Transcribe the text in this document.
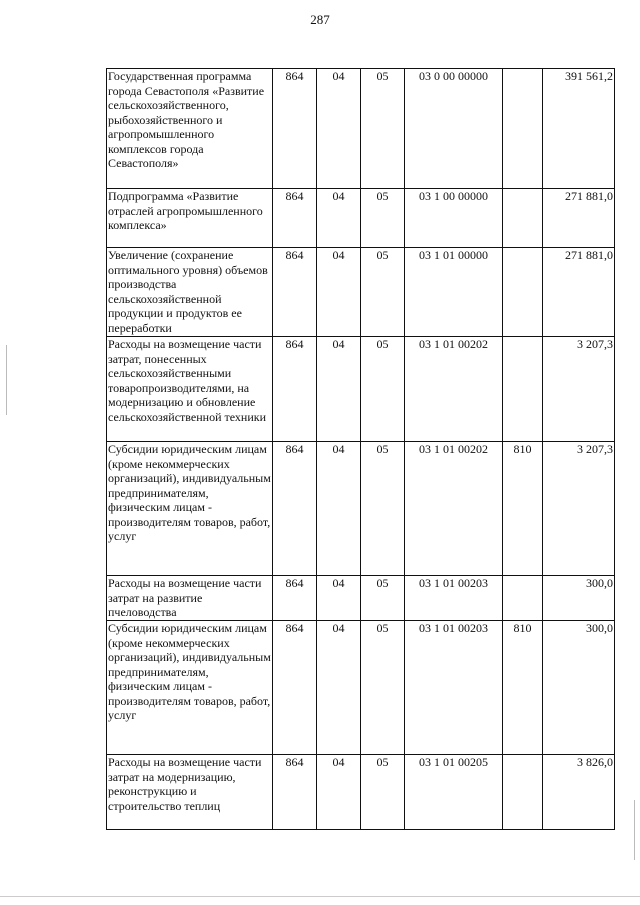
287
Государственная программа города Севастополя «Развитие сельскохозяйственного, рыбохозяйственного и агропромышленного комплексов города Севастополя»	864	04	05	03 0 00 00000		391 561,2
Подпрограмма «Развитие отраслей агропромышленного комплекса»	864	04	05	03 1 00 00000		271 881,0
Увеличение (сохранение оптимального уровня) объемов производства сельскохозяйственной продукции и продуктов ее переработки	864	04	05	03 1 01 00000		271 881,0
Расходы на возмещение части затрат, понесенных сельскохозяйственными товаропроизводителями, на модернизацию и обновление сельскохозяйственной техники	864	04	05	03 1 01 00202		3 207,3
Субсидии юридическим лицам (кроме некоммерческих организаций), индивидуальным предпринимателям, физическим лицам - производителям товаров, работ, услуг	864	04	05	03 1 01 00202	810	3 207,3
Расходы на возмещение части затрат на развитие пчеловодства	864	04	05	03 1 01 00203		300,0
Субсидии юридическим лицам (кроме некоммерческих организаций), индивидуальным предпринимателям, физическим лицам - производителям товаров, работ, услуг	864	04	05	03 1 01 00203	810	300,0
Расходы на возмещение части затрат на модернизацию, реконструкцию и строительство теплиц	864	04	05	03 1 01 00205		3 826,0
